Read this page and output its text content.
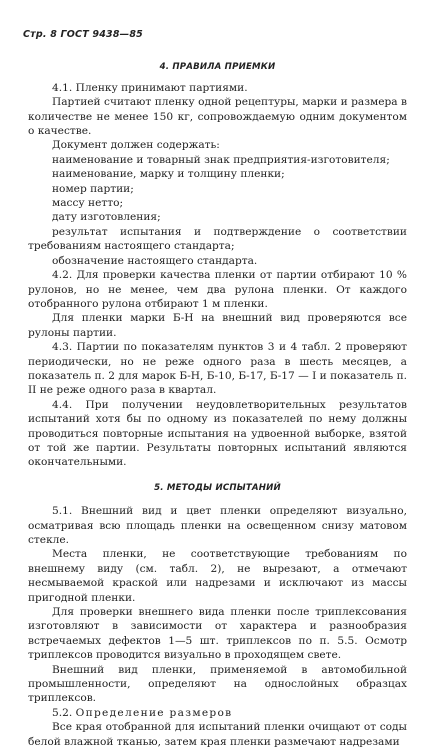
Стр. 8 ГОСТ 9438—85
4. ПРАВИЛА ПРИЕМКИ

4.1. Пленку принимают партиями.

Партией считают пленку одной рецептуры, марки и размера в количестве не менее 150 кг, сопровождаемую одним документом о качестве.

Документ должен содержать:

наименование и товарный знак предприятия-изготовителя;

наименование, марку и толщину пленки;

номер партии;

массу нетто;

дату изготовления;

результат испытания и подтверждение о соответствии требованиям настоящего стандарта;

обозначение настоящего стандарта.

4.2. Для проверки качества пленки от партии отбирают 10 % рулонов, но не менее, чем два рулона пленки. От каждого отобранного рулона отбирают 1 м пленки.

Для пленки марки Б-Н на внешний вид проверяются все рулоны партии.

4.3. Партии по показателям пунктов 3 и 4 табл. 2 проверяют периодически, но не реже одного раза в шесть месяцев, а показатель п. 2 для марок Б-Н, Б-10, Б-17, Б-17 — I и показатель п. II не реже одного раза в квартал.

4.4. При получении неудовлетворительных результатов испытаний хотя бы по одному из показателей по нему должны проводиться повторные испытания на удвоенной выборке, взятой от той же партии. Результаты повторных испытаний являются окончательными.

5. МЕТОДЫ ИСПЫТАНИЙ

5.1. Внешний вид и цвет пленки определяют визуально, осматривая всю площадь пленки на освещенном снизу матовом стекле.

Места пленки, не соответствующие требованиям по внешнему виду (см. табл. 2), не вырезают, а отмечают несмываемой краской или надрезами и исключают из массы пригодной пленки.

Для проверки внешнего вида пленки после триплексования изготовляют в зависимости от характера и разнообразия встречаемых дефектов 1—5 шт. триплексов по п. 5.5. Осмотр триплексов проводится визуально в проходящем свете.

Внешний вид пленки, применяемой в автомобильной промышленности, определяют на однослойных образцах триплексов.

5.2. Определение размеров

Все края отобранной для испытаний пленки очищают от соды белой влажной тканью, затем края пленки размечают надрезами
